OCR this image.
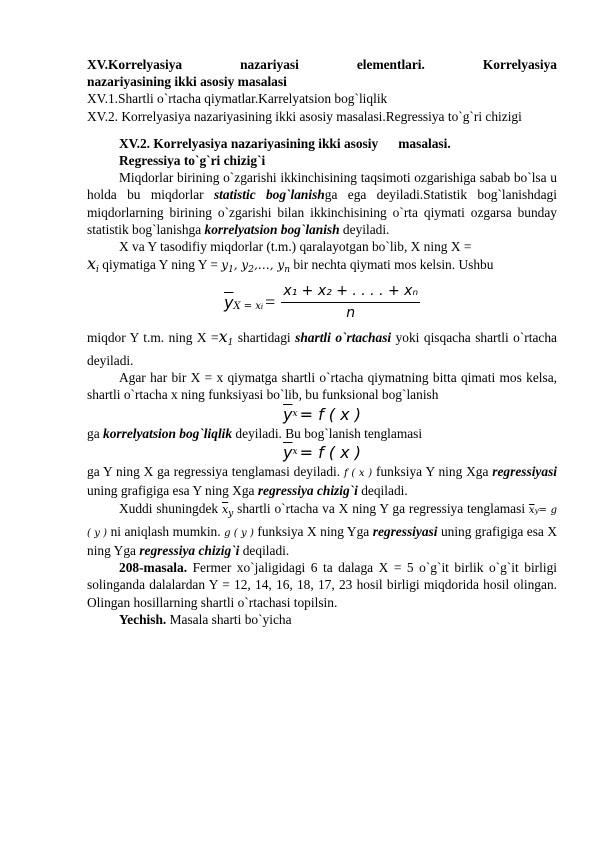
XV.Korrelyasiya          nazariyasi          elementlari.          Korrelyasiya

nazariyasining ikki asosiy masalasi

XV.1.Shartli o`rtacha qiymatlar.Karrelyatsion bog`liqlik

XV.2. Korrelyasiya nazariyasining ikki asosiy masalasi.Regressiya to`g`ri chizigi

XV.2. Korrelyasiya nazariyasining ikki asosiy      masalasi.

Regressiya to`g`ri chizig`i

Miqdorlar birining o`zgarishi ikkinchisining taqsimoti ozgarishiga sabab bo`lsa u holda bu miqdorlar statistic bog`lanishga ega deyiladi.Statistik bog`lanishdagi miqdorlarning birining o`zgarishi bilan ikkinchisining o`rta qiymati ozgarsa bunday statistik bog`lanishga korrelyatsion bog`lanish deyiladi.

X va Y tasodifiy miqdorlar (t.m.) qaralayotgan bo`lib, X ning X =
$x_i$ qiymatiga Y ning $Y = y_1$, $y_2,\dots$, $y_n$ bir nechta qiymati mos kelsin. Ushbu

$\overline{y}$ X = xi = $\frac{\text{x₁ + x₂ + . . . . + xₙ}}{n}$

miqdor Y t.m. ning $X =x_1$ shartidagi shartli o`rtachasi yoki qisqacha shartli o`rtacha deyiladi.

Agar har bir X = x qiymatga shartli o`rtacha qiymatning bitta qimati mos kelsa, shartli o`rtacha x ning funksiyasi bo`lib, bu funksional bog`lanish

$\overline{y}$ x = f ( x )

ga korrelyatsion bog`liqlik deyiladi. Bu bog`lanish tenglamasi

$\overline{y}$ x = f ( x )

ga Y ning X ga regressiya tenglamasi deyiladi. f ( x ) funksiya Y ning Xga regressiyasi uning grafigiga esa Y ning Xga regressiya chizig`i deqiladi.

Xuddi shuningdek $\overline{x}_y$ shartli o`rtacha va X ning Y ga regressiya tenglamasi $\overline{x}y= g$ ( y ) ni aniqlash mumkin. g ( y ) funksiya X ning Yga regressiyasi uning grafigiga esa X ning Yga regressiya chizig`i deqiladi.

208-masala. Fermer xo`jaligidagi 6 ta dalaga X = 5 o`g`it birlik o`g`it birligi solinganda dalalardan Y = 12, 14, 16, 18, 17, 23 hosil birligi miqdorida hosil olingan. Olingan hosillarning shartli o`rtachasi topilsin.

Yechish. Masala sharti bo`yicha
